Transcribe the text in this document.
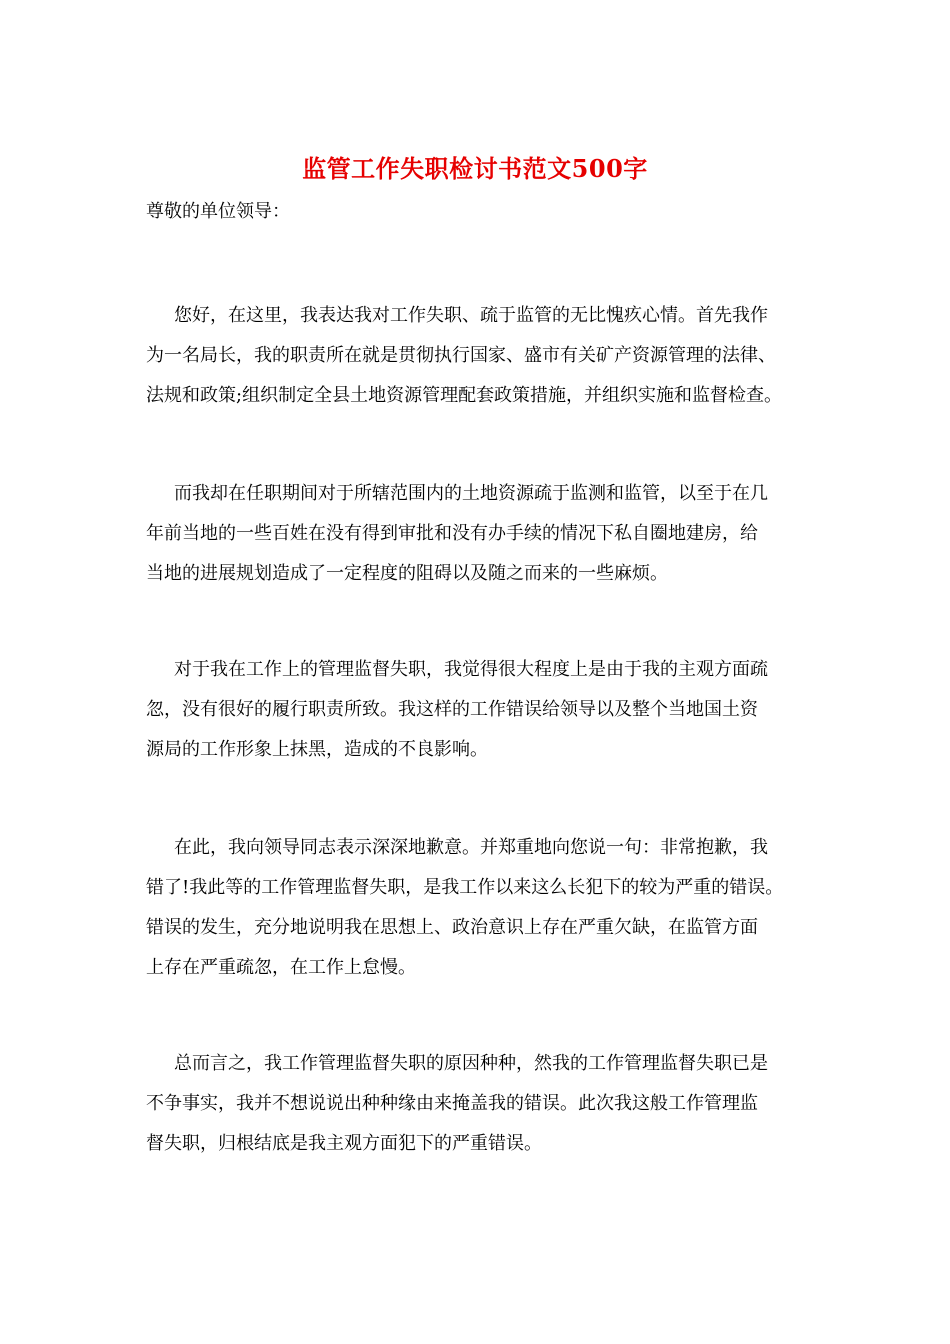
监管工作失职检讨书范文500字
尊敬的单位领导：
您好，在这里，我表达我对工作失职、疏于监管的无比愧疚心情。首先我作
为一名局长，我的职责所在就是贯彻执行国家、盛市有关矿产资源管理的法律、
法规和政策;组织制定全县土地资源管理配套政策措施，并组织实施和监督检查。
而我却在任职期间对于所辖范围内的土地资源疏于监测和监管，以至于在几
年前当地的一些百姓在没有得到审批和没有办手续的情况下私自圈地建房，给
当地的进展规划造成了一定程度的阻碍以及随之而来的一些麻烦。
对于我在工作上的管理监督失职，我觉得很大程度上是由于我的主观方面疏
忽，没有很好的履行职责所致。我这样的工作错误给领导以及整个当地国土资
源局的工作形象上抹黑，造成的不良影响。
在此，我向领导同志表示深深地歉意。并郑重地向您说一句：非常抱歉，我
错了!我此等的工作管理监督失职，是我工作以来这么长犯下的较为严重的错误。
错误的发生，充分地说明我在思想上、政治意识上存在严重欠缺，在监管方面
上存在严重疏忽，在工作上怠慢。
总而言之，我工作管理监督失职的原因种种，然我的工作管理监督失职已是
不争事实，我并不想说说出种种缘由来掩盖我的错误。此次我这般工作管理监
督失职，归根结底是我主观方面犯下的严重错误。
